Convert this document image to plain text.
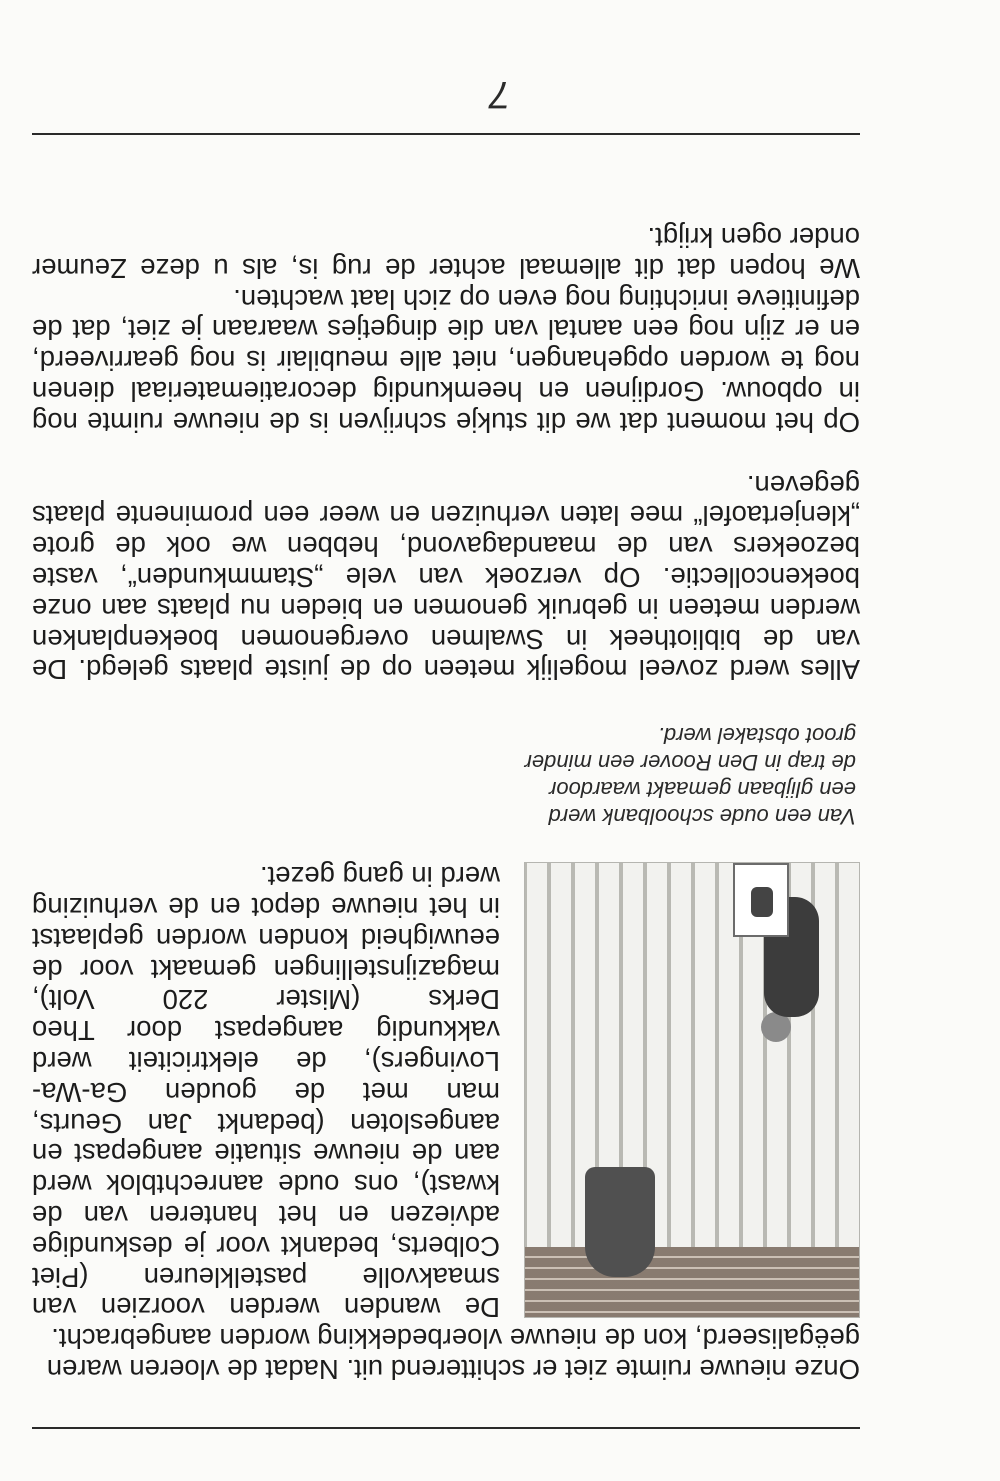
Onze nieuwe ruimte ziet er schitterend uit. Nadat de vloeren waren geëgaliseerd, kon de nieuwe vloerbedekking worden aangebracht.

De wanden werden voorzien van smaakvolle pastelkleuren (Piet Colberts, bedankt voor je deskundige adviezen en het hanteren van de kwast), ons oude aanrechtblok werd aan de nieuwe situatie aangepast en aangesloten (bedankt Jan Geurts, man met de gouden Ga-Wa-Lovingers), de elektriciteit werd vakkundig aangepast door Theo Derks (Mister 220 Volt), magazijnstellingen gemaakt voor de eeuwigheid konden worden geplaatst in het nieuwe depot en de verhuizing werd in gang gezet.

Van een oude schoolbank werd een glijbaan gemaakt waardoor de trap in Den Roover een minder groot obstakel werd.

Alles werd zoveel mogelijk meteen op de juiste plaats gelegd. De van de bibliotheek in Swalmen overgenomen boekenplanken werden meteen in gebruik genomen en bieden nu plaats aan onze boekencollectie. Op verzoek van vele „Stammkunden“, vaste bezoekers van de maandagavond, hebben we ook de grote „klenjertaofel“ mee laten verhuizen en weer een prominente plaats gegeven.

Op het moment dat we dit stukje schrijven is de nieuwe ruimte nog in opbouw. Gordijnen en heemkundig decoratiemateriaal dienen nog te worden opgehangen, niet alle meubilair is nog gearriveerd, en er zijn nog een aantal van die dingetjes waaraan je ziet, dat de definitieve inrichting nog even op zich laat wachten.

We hopen dat dit allemaal achter de rug is, als u deze Zeumer onder ogen krijgt.

7
